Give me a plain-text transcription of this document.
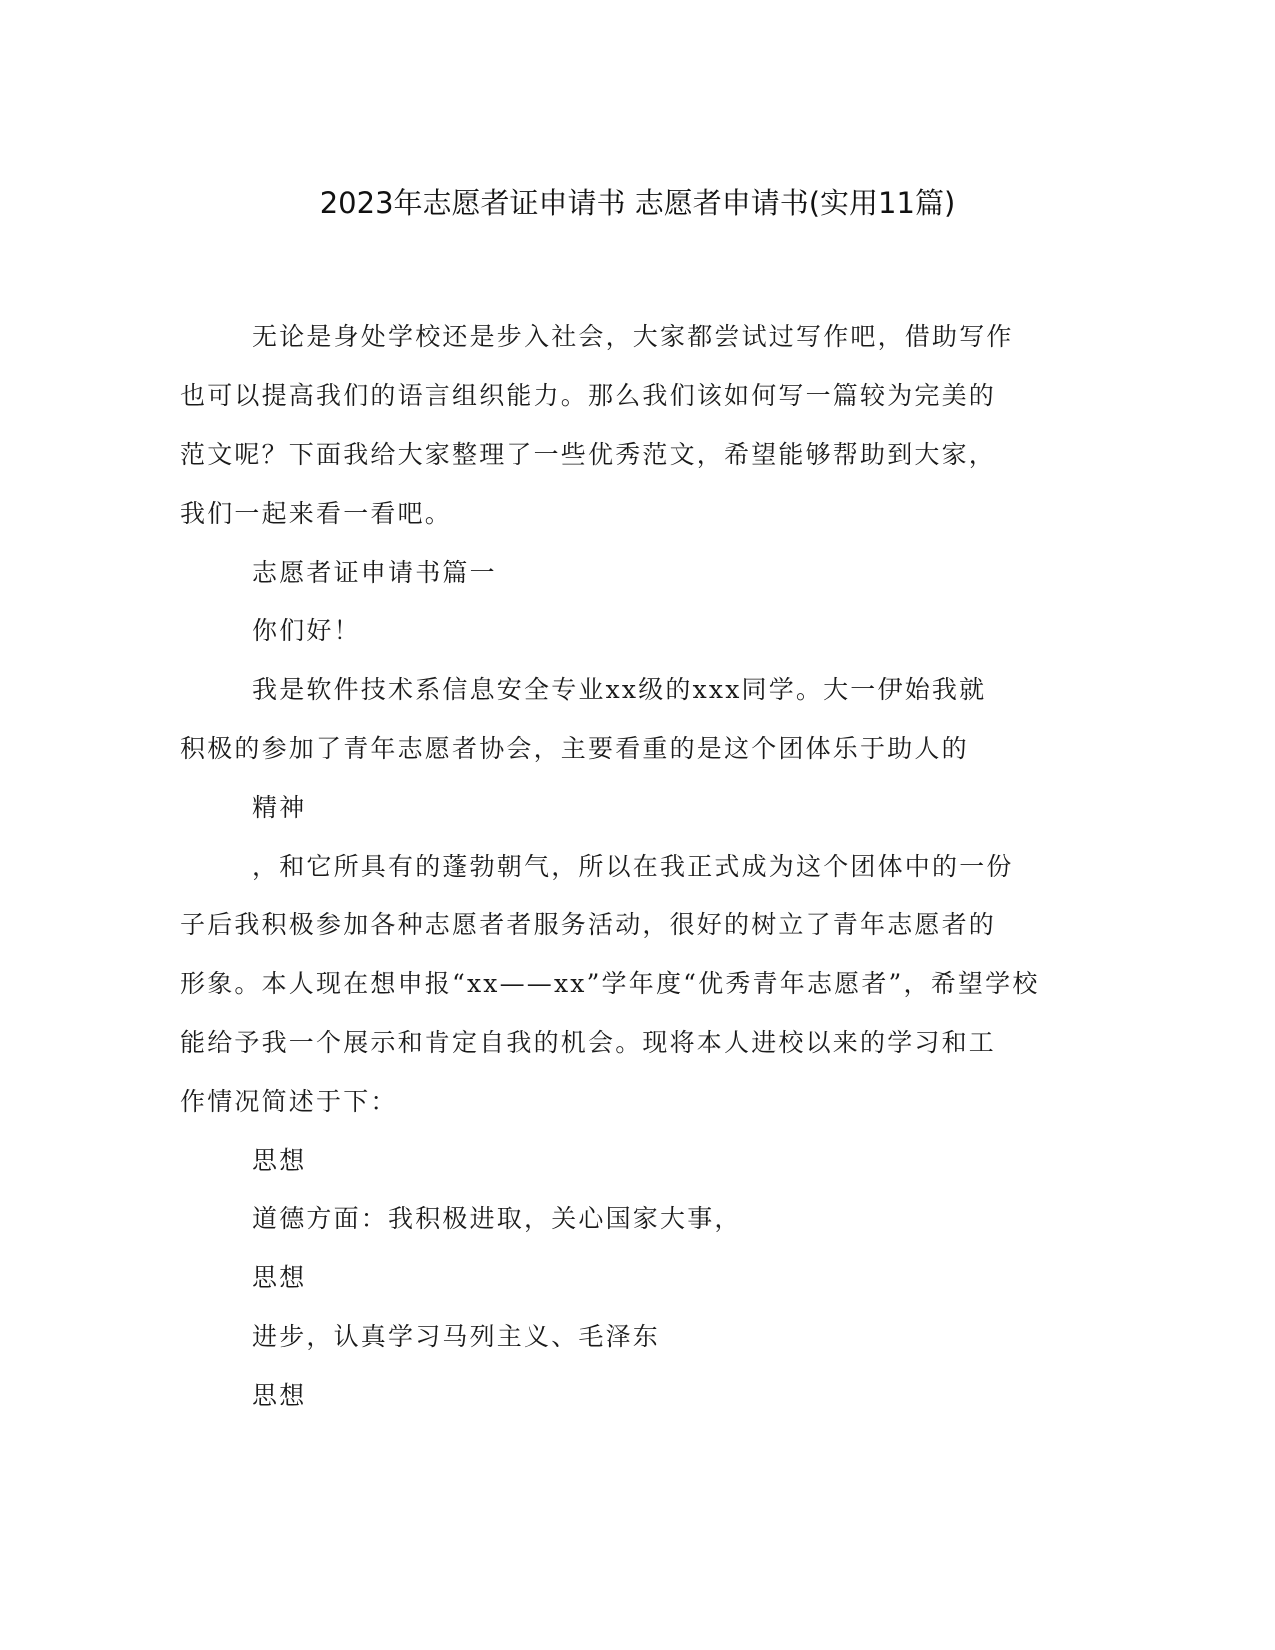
2023年志愿者证申请书 志愿者申请书(实用11篇)
无论是身处学校还是步入社会，大家都尝试过写作吧，借助写作
也可以提高我们的语言组织能力。那么我们该如何写一篇较为完美的
范文呢？下面我给大家整理了一些优秀范文，希望能够帮助到大家，
我们一起来看一看吧。
志愿者证申请书篇一
你们好！
我是软件技术系信息安全专业xx级的xxx同学。大一伊始我就
积极的参加了青年志愿者协会，主要看重的是这个团体乐于助人的
精神
，和它所具有的蓬勃朝气，所以在我正式成为这个团体中的一份
子后我积极参加各种志愿者者服务活动，很好的树立了青年志愿者的
形象。本人现在想申报“xx——xx”学年度“优秀青年志愿者”，希望学校
能给予我一个展示和肯定自我的机会。现将本人进校以来的学习和工
作情况简述于下：
思想
道德方面：我积极进取，关心国家大事，
思想
进步，认真学习马列主义、毛泽东
思想
